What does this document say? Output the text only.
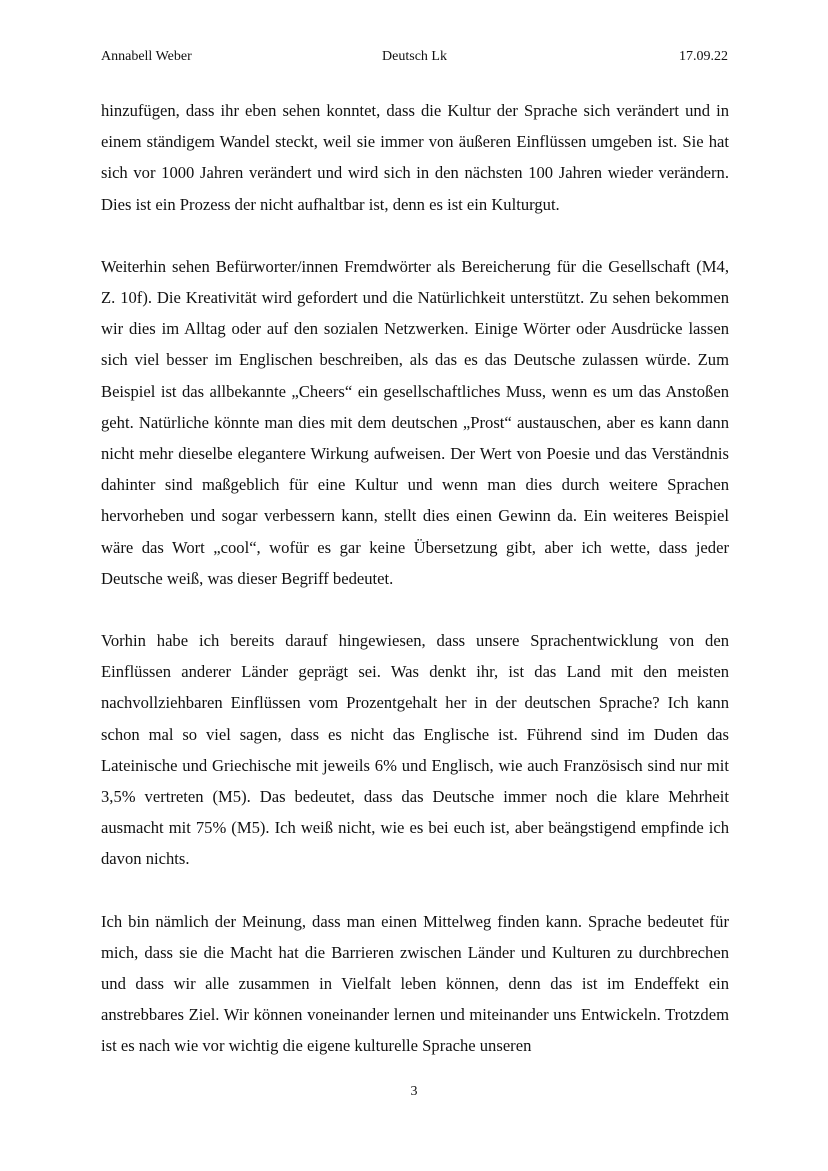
Annabell Weber	Deutsch Lk	17.09.22

hinzufügen, dass ihr eben sehen konntet, dass die Kultur der Sprache sich verändert und in einem ständigem Wandel steckt, weil sie immer von äußeren Einflüssen umgeben ist. Sie hat sich vor 1000 Jahren verändert und wird sich in den nächsten 100 Jahren wieder verändern. Dies ist ein Prozess der nicht aufhaltbar ist, denn es ist ein Kulturgut.

Weiterhin sehen Befürworter/innen Fremdwörter als Bereicherung für die Gesellschaft (M4, Z. 10f). Die Kreativität wird gefordert und die Natürlichkeit unterstützt. Zu sehen bekommen wir dies im Alltag oder auf den sozialen Netzwerken. Einige Wörter oder Ausdrücke lassen sich viel besser im Englischen beschreiben, als das es das Deutsche zulassen würde. Zum Beispiel ist das allbekannte „Cheers“ ein gesellschaftliches Muss, wenn es um das Anstoßen geht. Natürliche könnte man dies mit dem deutschen „Prost“ austauschen, aber es kann dann nicht mehr dieselbe elegantere Wirkung aufweisen. Der Wert von Poesie und das Verständnis dahinter sind maßgeblich für eine Kultur und wenn man dies durch weitere Sprachen hervorheben und sogar verbessern kann, stellt dies einen Gewinn da. Ein weiteres Beispiel wäre das Wort „cool“, wofür es gar keine Übersetzung gibt, aber ich wette, dass jeder Deutsche weiß, was dieser Begriff bedeutet.

Vorhin habe ich bereits darauf hingewiesen, dass unsere Sprachentwicklung von den Einflüssen anderer Länder geprägt sei. Was denkt ihr, ist das Land mit den meisten nachvollziehbaren Einflüssen vom Prozentgehalt her in der deutschen Sprache? Ich kann schon mal so viel sagen, dass es nicht das Englische ist. Führend sind im Duden das Lateinische und Griechische mit jeweils 6% und Englisch, wie auch Französisch sind nur mit 3,5% vertreten (M5). Das bedeutet, dass das Deutsche immer noch die klare Mehrheit ausmacht mit 75% (M5). Ich weiß nicht, wie es bei euch ist, aber beängstigend empfinde ich davon nichts.

Ich bin nämlich der Meinung, dass man einen Mittelweg finden kann. Sprache bedeutet für mich, dass sie die Macht hat die Barrieren zwischen Länder und Kulturen zu durchbrechen und dass wir alle zusammen in Vielfalt leben können, denn das ist im Endeffekt ein anstrebbares Ziel. Wir können voneinander lernen und miteinander uns Entwickeln. Trotzdem ist es nach wie vor wichtig die eigene kulturelle Sprache unseren

3
